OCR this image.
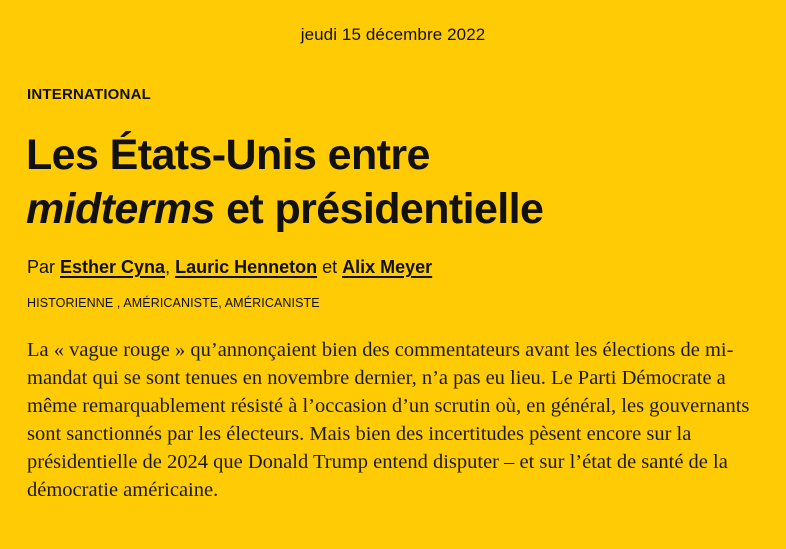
jeudi 15 décembre 2022
INTERNATIONAL
Les États-Unis entre
midterms et présidentielle
Par Esther Cyna, Lauric Henneton et Alix Meyer
HISTORIENNE , AMÉRICANISTE, AMÉRICANISTE

La « vague rouge » qu’annonçaient bien des commentateurs avant les élections de mi-mandat qui se sont tenues en novembre dernier, n’a pas eu lieu. Le Parti Démocrate a même remarquablement résisté à l’occasion d’un scrutin où, en général, les gouvernants sont sanctionnés par les électeurs. Mais bien des incertitudes pèsent encore sur la présidentielle de 2024 que Donald Trump entend disputer – et sur l’état de santé de la démocratie américaine.
